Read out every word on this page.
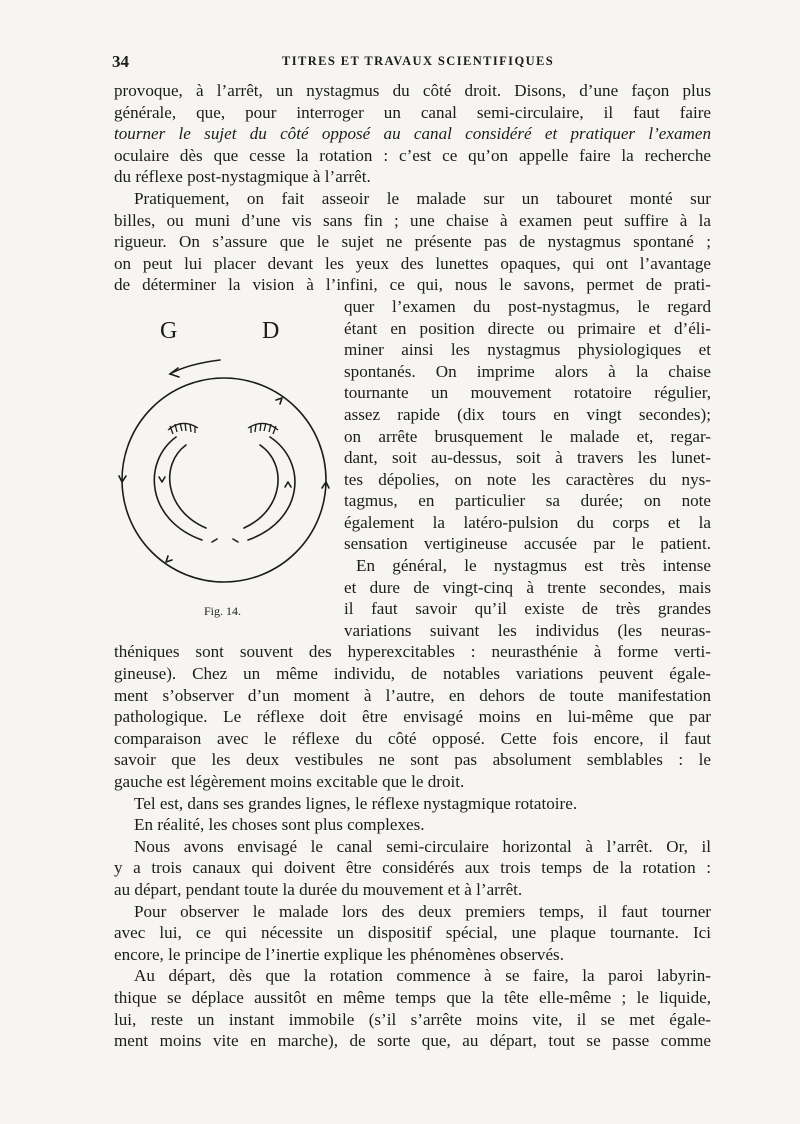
34	TITRES ET TRAVAUX SCIENTIFIQUES
provoque, à l’arrêt, un nystagmus du côté droit. Disons, d’une façon plus
générale, que, pour interroger un canal semi-circulaire, il faut faire
tourner le sujet du côté opposé au canal considéré et pratiquer l’examen
oculaire dès que cesse la rotation : c’est ce qu’on appelle faire la recherche
du réflexe post-nystagmique à l’arrêt.
Pratiquement, on fait asseoir le malade sur un tabouret monté sur
billes, ou muni d’une vis sans fin ; une chaise à examen peut suffire à la
rigueur. On s’assure que le sujet ne présente pas de nystagmus spontané ;
on peut lui placer devant les yeux des lunettes opaques, qui ont l’avantage
de déterminer la vision à l’infini, ce qui, nous le savons, permet de prati-
quer l’examen du post-nystagmus, le regard
étant en position directe ou primaire et d’éli-
miner ainsi les nystagmus physiologiques et
spontanés. On imprime alors à la chaise
tournante un mouvement rotatoire régulier,
assez rapide (dix tours en vingt secondes);
on arrête brusquement le malade et, regar-
dant, soit au-dessus, soit à travers les lunet-
tes dépolies, on note les caractères du nys-
tagmus, en particulier sa durée; on note
également la latéro-pulsion du corps et la
sensation vertigineuse accusée par le patient.
En général, le nystagmus est très intense
et dure de vingt-cinq à trente secondes, mais
il faut savoir qu’il existe de très grandes
variations suivant les individus (les neuras-
théniques sont souvent des hyperexcitables : neurasthénie à forme verti-
gineuse). Chez un même individu, de notables variations peuvent égale-
ment s’observer d’un moment à l’autre, en dehors de toute manifestation
pathologique. Le réflexe doit être envisagé moins en lui-même que par
comparaison avec le réflexe du côté opposé. Cette fois encore, il faut
savoir que les deux vestibules ne sont pas absolument semblables : le
gauche est légèrement moins excitable que le droit.
Tel est, dans ses grandes lignes, le réflexe nystagmique rotatoire.
En réalité, les choses sont plus complexes.
Nous avons envisagé le canal semi-circulaire horizontal à l’arrêt. Or, il
y a trois canaux qui doivent être considérés aux trois temps de la rotation :
au départ, pendant toute la durée du mouvement et à l’arrêt.
Pour observer le malade lors des deux premiers temps, il faut tourner
avec lui, ce qui nécessite un dispositif spécial, une plaque tournante. Ici
encore, le principe de l’inertie explique les phénomènes observés.
Au départ, dès que la rotation commence à se faire, la paroi labyrin-
thique se déplace aussitôt en même temps que la tête elle-même ; le liquide,
lui, reste un instant immobile (s’il s’arrête moins vite, il se met égale-
ment moins vite en marche), de sorte que, au départ, tout se passe comme
G	D
Fig. 14.
